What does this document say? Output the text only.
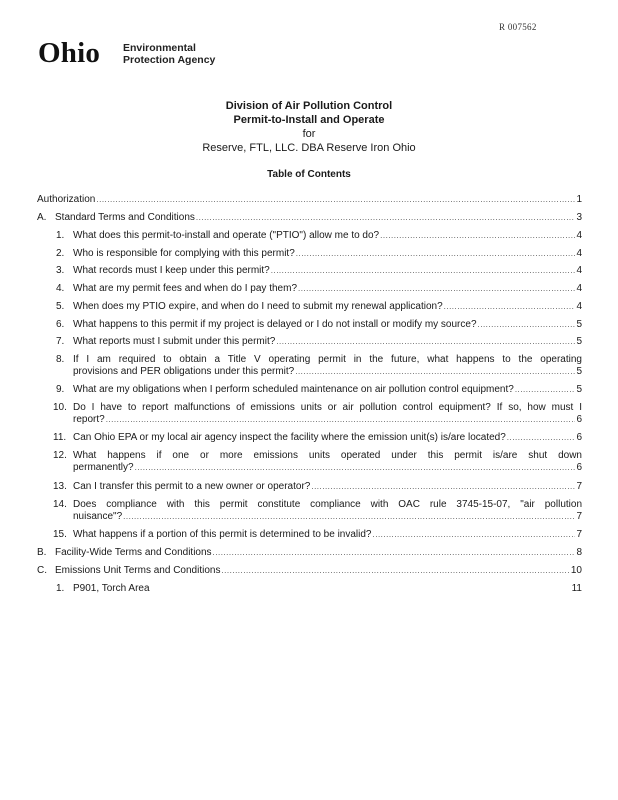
R 007562
Ohio Environmental
Protection Agency
Division of Air Pollution Control
Permit-to-Install and Operate
for
Reserve, FTL, LLC. DBA Reserve Iron Ohio
Table of Contents
Authorization .....	1
A. Standard Terms and Conditions .....	3
1. What does this permit-to-install and operate ("PTIO") allow me to do? .....	4
2. Who is responsible for complying with this permit? .....	4
3. What records must I keep under this permit? .....	4
4. What are my permit fees and when do I pay them? .....	4
5. When does my PTIO expire, and when do I need to submit my renewal application? .....	4
6. What happens to this permit if my project is delayed or I do not install or modify my source? .....	5
7. What reports must I submit under this permit? .....	5
8. If I am required to obtain a Title V operating permit in the future, what happens to the operating
provisions and PER obligations under this permit? .....	5
9. What are my obligations when I perform scheduled maintenance on air pollution control equipment? .....	5
10. Do I have to report malfunctions of emissions units or air pollution control equipment? If so, how must I
report? .....	6
11. Can Ohio EPA or my local air agency inspect the facility where the emission unit(s) is/are located? .....	6
12. What happens if one or more emissions units operated under this permit is/are shut down
permanently? .....	6
13. Can I transfer this permit to a new owner or operator? .....	7
14. Does compliance with this permit constitute compliance with OAC rule 3745-15-07, "air pollution
nuisance"? .....	7
15. What happens if a portion of this permit is determined to be invalid? .....	7
B. Facility-Wide Terms and Conditions .....	8
C. Emissions Unit Terms and Conditions .....	10
1. P901, Torch Area	11
